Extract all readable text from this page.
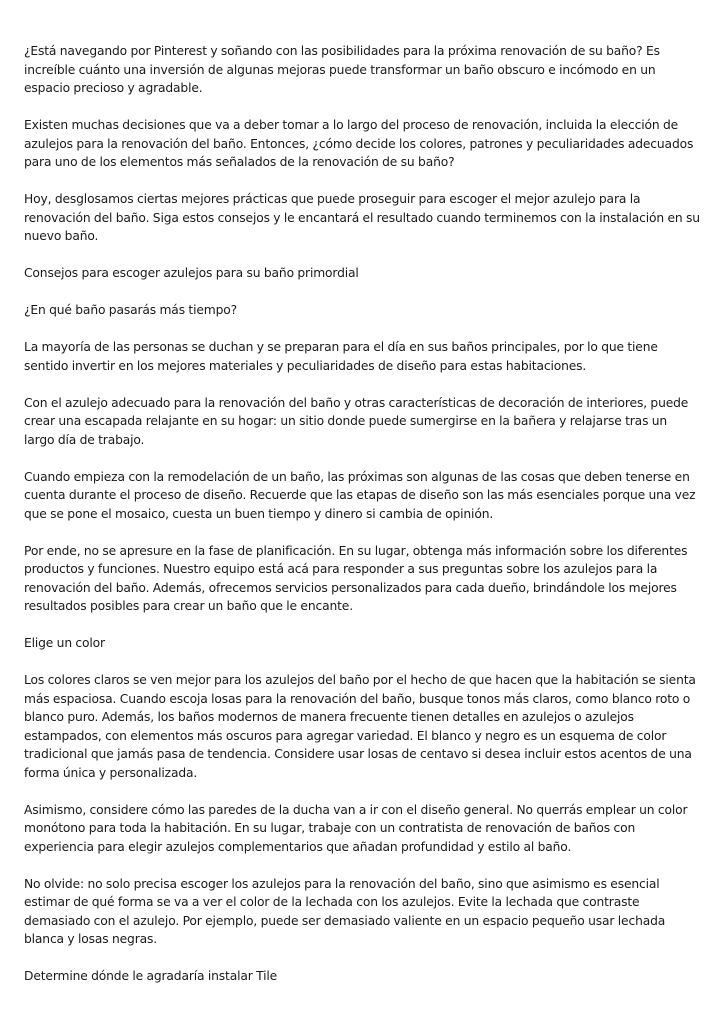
¿Está navegando por Pinterest y soñando con las posibilidades para la próxima renovación de su baño? Es increíble cuánto una inversión de algunas mejoras puede transformar un baño obscuro e incómodo en un espacio precioso y agradable.

Existen muchas decisiones que va a deber tomar a lo largo del proceso de renovación, incluida la elección de azulejos para la renovación del baño. Entonces, ¿cómo decide los colores, patrones y peculiaridades adecuados para uno de los elementos más señalados de la renovación de su baño?

Hoy, desglosamos ciertas mejores prácticas que puede proseguir para escoger el mejor azulejo para la renovación del baño. Siga estos consejos y le encantará el resultado cuando terminemos con la instalación en su nuevo baño.

Consejos para escoger azulejos para su baño primordial

¿En qué baño pasarás más tiempo?

La mayoría de las personas se duchan y se preparan para el día en sus baños principales, por lo que tiene sentido invertir en los mejores materiales y peculiaridades de diseño para estas habitaciones.

Con el azulejo adecuado para la renovación del baño y otras características de decoración de interiores, puede crear una escapada relajante en su hogar: un sitio donde puede sumergirse en la bañera y relajarse tras un largo día de trabajo.

Cuando empieza con la remodelación de un baño, las próximas son algunas de las cosas que deben tenerse en cuenta durante el proceso de diseño. Recuerde que las etapas de diseño son las más esenciales porque una vez que se pone el mosaico, cuesta un buen tiempo y dinero si cambia de opinión.

Por ende, no se apresure en la fase de planificación. En su lugar, obtenga más información sobre los diferentes productos y funciones. Nuestro equipo está acá para responder a sus preguntas sobre los azulejos para la renovación del baño. Además, ofrecemos servicios personalizados para cada dueño, brindándole los mejores resultados posibles para crear un baño que le encante.

Elige un color

Los colores claros se ven mejor para los azulejos del baño por el hecho de que hacen que la habitación se sienta más espaciosa. Cuando escoja losas para la renovación del baño, busque tonos más claros, como blanco roto o blanco puro. Además, los baños modernos de manera frecuente tienen detalles en azulejos o azulejos estampados, con elementos más oscuros para agregar variedad. El blanco y negro es un esquema de color tradicional que jamás pasa de tendencia. Considere usar losas de centavo si desea incluir estos acentos de una forma única y personalizada.

Asimismo, considere cómo las paredes de la ducha van a ir con el diseño general. No querrás emplear un color monótono para toda la habitación. En su lugar, trabaje con un contratista de renovación de baños con experiencia para elegir azulejos complementarios que añadan profundidad y estilo al baño.

No olvide: no solo precisa escoger los azulejos para la renovación del baño, sino que asimismo es esencial estimar de qué forma se va a ver el color de la lechada con los azulejos. Evite la lechada que contraste demasiado con el azulejo. Por ejemplo, puede ser demasiado valiente en un espacio pequeño usar lechada blanca y losas negras.

Determine dónde le agradaría instalar Tile
